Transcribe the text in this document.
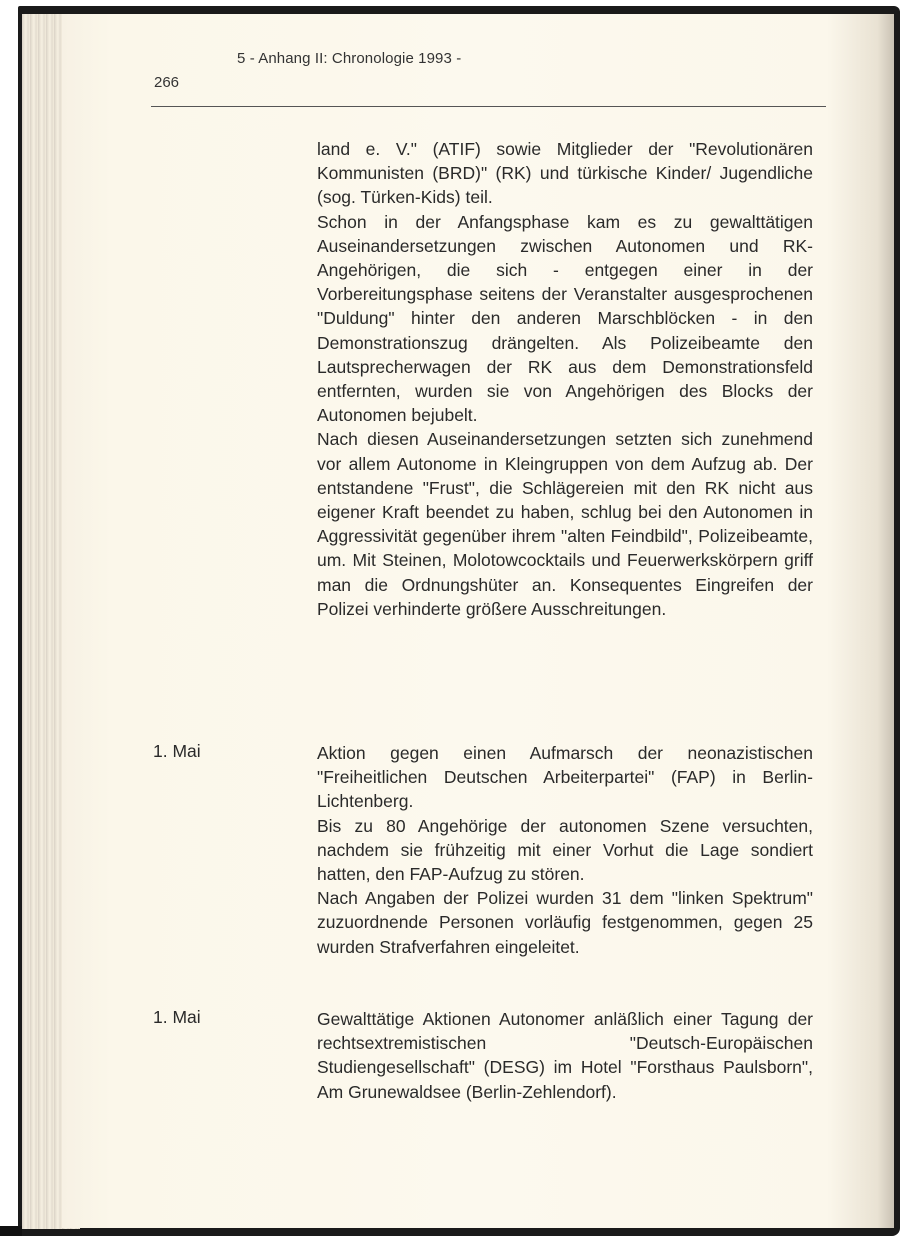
5 - Anhang II: Chronologie 1993 -
266

land e. V." (ATIF) sowie Mitglieder der "Revolutionären Kommunisten (BRD)" (RK) und türkische Kinder/ Jugendliche (sog. Türken-Kids) teil.

Schon in der Anfangsphase kam es zu gewalttätigen Auseinandersetzungen zwischen Autonomen und RK-Angehörigen, die sich - entgegen einer in der Vorbereitungsphase seitens der Veranstalter ausgesprochenen "Duldung" hinter den anderen Marschblöcken - in den Demonstrationszug drängelten. Als Polizeibeamte den Lautsprecherwagen der RK aus dem Demonstrationsfeld entfernten, wurden sie von Angehörigen des Blocks der Autonomen bejubelt.

Nach diesen Auseinandersetzungen setzten sich zunehmend vor allem Autonome in Kleingruppen von dem Aufzug ab. Der entstandene "Frust", die Schlägereien mit den RK nicht aus eigener Kraft beendet zu haben, schlug bei den Autonomen in Aggressivität gegenüber ihrem "alten Feindbild", Polizeibeamte, um. Mit Steinen, Molotowcocktails und Feuerwerkskörpern griff man die Ordnungshüter an. Konsequentes Eingreifen der Polizei verhinderte größere Ausschreitungen.

1. Mai	Aktion gegen einen Aufmarsch der neonazistischen "Freiheitlichen Deutschen Arbeiterpartei" (FAP) in Berlin-Lichtenberg.

Bis zu 80 Angehörige der autonomen Szene versuchten, nachdem sie frühzeitig mit einer Vorhut die Lage sondiert hatten, den FAP-Aufzug zu stören.

Nach Angaben der Polizei wurden 31 dem "linken Spektrum" zuzuordnende Personen vorläufig festgenommen, gegen 25 wurden Strafverfahren eingeleitet.

1. Mai	Gewalttätige Aktionen Autonomer anläßlich einer Tagung der rechtsextremistischen "Deutsch-Europäischen Studiengesellschaft" (DESG) im Hotel "Forsthaus Paulsborn", Am Grunewaldsee (Berlin-Zehlendorf).
